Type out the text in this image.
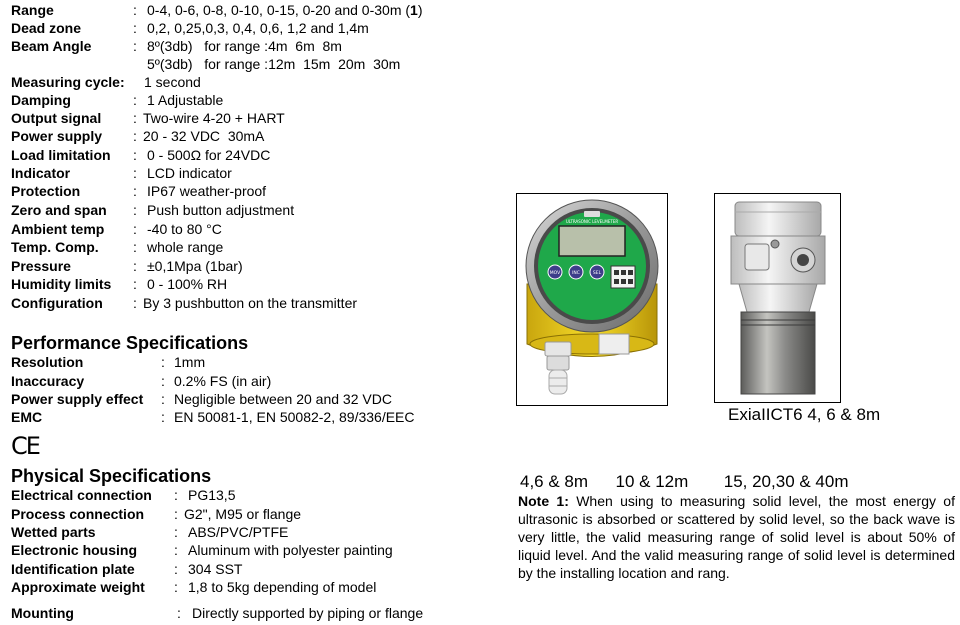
Range	: 0-4, 0-6, 0-8, 0-10, 0-15, 0-20 and 0-30m (1)
Dead zone	: 0,2, 0,25,0,3, 0,4, 0,6, 1,2 and 1,4m
Beam Angle	: 8º(3db)   for range :4m  6m  8m
5º(3db)   for range :12m  15m  20m  30m
Measuring cycle: 1 second
Damping	: 1 Adjustable
Output signal : Two-wire 4-20 + HART
Power supply : 20 - 32 VDC  30mA
Load limitation : 0 - 500Ω for 24VDC
Indicator	: LCD indicator
Protection	: IP67 weather-proof
Zero and span : Push button adjustment
Ambient temp : -40 to 80 °C
Temp. Comp. : whole range
Pressure	: ±0,1Mpa (1bar)
Humidity limits : 0 - 100% RH
Configuration : By 3 pushbutton on the transmitter
Performance Specifications
Resolution	: 1mm
Inaccuracy	: 0.2% FS (in air)
Power supply effect : Negligible between 20 and 32 VDC
EMC	: EN 50081-1, EN 50082-2, 89/336/EEC
CE
Physical Specifications
Electrical connection : PG13,5
Process connection : G2", M95 or flange
Wetted parts	: ABS/PVC/PTFE
Electronic housing	: Aluminum with polyester painting
Identification plate	: 304 SST
Approximate weight : 1,8 to 5kg depending of model
Mounting	: Directly supported by piping or flange
ULTRASONIC LEVELMETER
MOV	INC	SEL
ExiaIICT6 4, 6 & 8m
4,6 & 8m 10 & 12m 15, 20,30 & 40m
Note 1: When using to measuring solid level, the most energy of ultrasonic is absorbed or scattered by solid level, so the back wave is very little, the valid measuring range of solid level is about 50% of liquid level. And the valid measuring range of solid level is determined by the installing location and rang.
